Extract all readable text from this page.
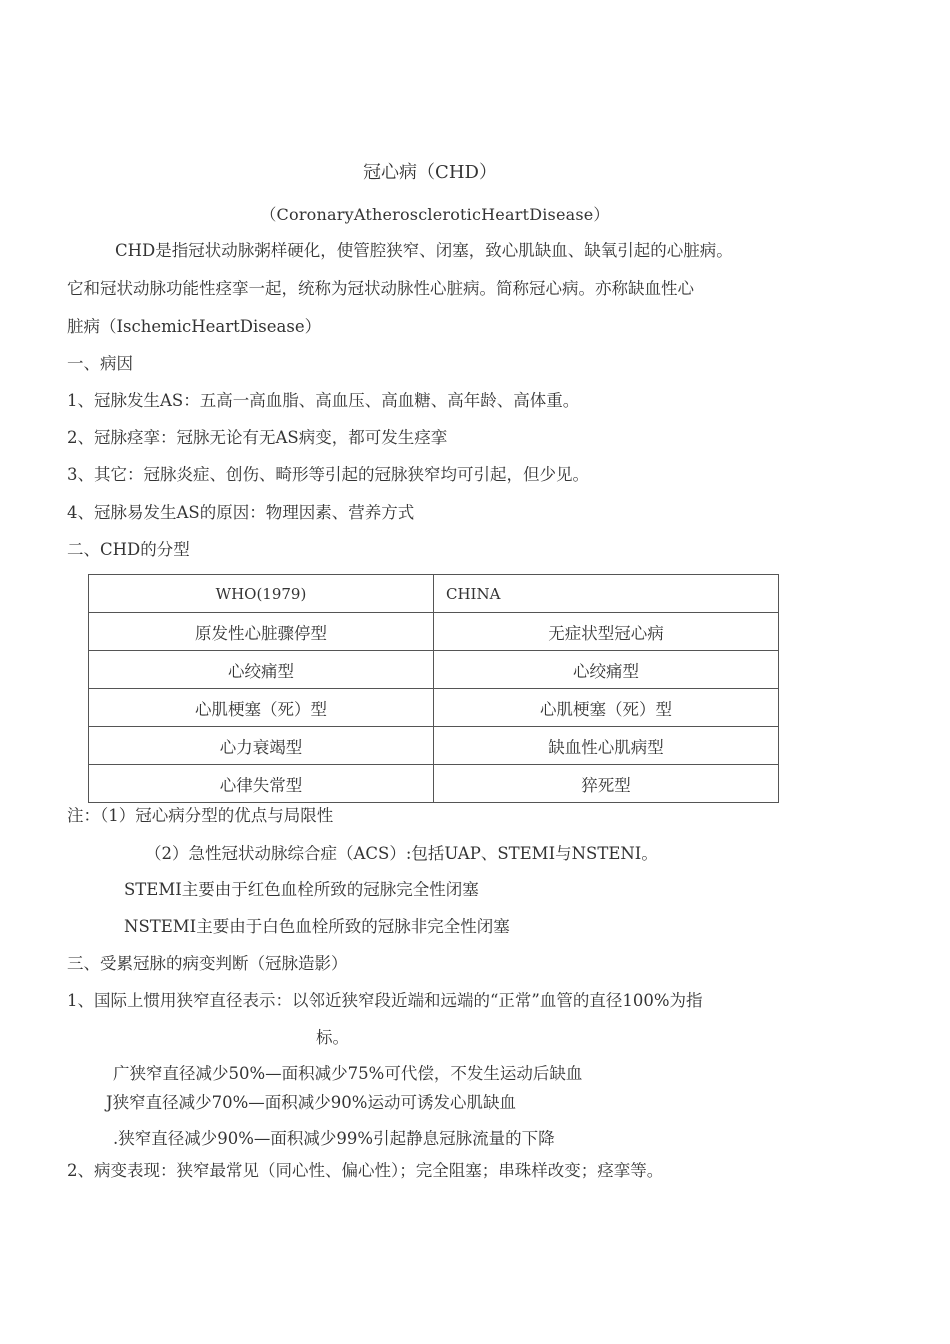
冠心病（CHD）
（CoronaryAtheroscleroticHeartDisease）
CHD是指冠状动脉粥样硬化，使管腔狭窄、闭塞，致心肌缺血、缺氧引起的心脏病。
它和冠状动脉功能性痉挛一起，统称为冠状动脉性心脏病。简称冠心病。亦称缺血性心
脏病（IschemicHeartDisease）
一、病因
1、冠脉发生AS：五高一高血脂、高血压、高血糖、高年龄、高体重。
2、冠脉痉挛：冠脉无论有无AS病变，都可发生痉挛
3、其它：冠脉炎症、创伤、畸形等引起的冠脉狭窄均可引起，但少见。
4、冠脉易发生AS的原因：物理因素、营养方式
二、CHD的分型
WHO(1979)	CHINA
原发性心脏骤停型	无症状型冠心病
心绞痛型	心绞痛型
心肌梗塞（死）型	心肌梗塞（死）型
心力衰竭型	缺血性心肌病型
心律失常型	猝死型
注：（1）冠心病分型的优点与局限性
（2）急性冠状动脉综合症（ACS）:包括UAP、STEMI与NSTENI。
STEMI主要由于红色血栓所致的冠脉完全性闭塞
NSTEMI主要由于白色血栓所致的冠脉非完全性闭塞
三、受累冠脉的病变判断（冠脉造影）
1、国际上惯用狭窄直径表示：以邻近狭窄段近端和远端的“正常”血管的直径100%为指
标。
广狭窄直径减少50%—面积减少75%可代偿，不发生运动后缺血
J狭窄直径减少70%—面积减少90%运动可诱发心肌缺血
.狭窄直径减少90%—面积减少99%引起静息冠脉流量的下降
2、病变表现：狭窄最常见（同心性、偏心性）；完全阻塞；串珠样改变；痉挛等。
